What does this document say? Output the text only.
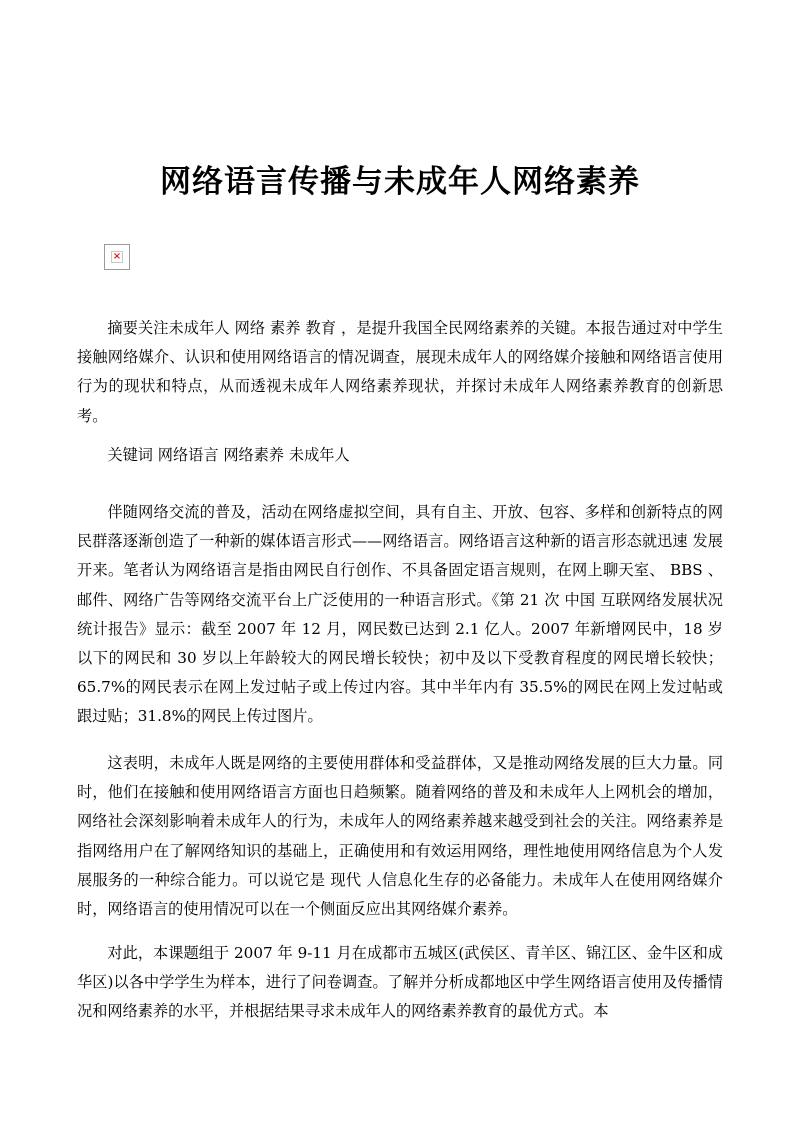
网络语言传播与未成年人网络素养
×

摘要关注未成年人 网络 素养 教育 ，是提升我国全民网络素养的关键。本报告通过对中学生接触网络媒介、认识和使用网络语言的情况调查，展现未成年人的网络媒介接触和网络语言使用行为的现状和特点，从而透视未成年人网络素养现状，并探讨未成年人网络素养教育的创新思考。

关键词 网络语言 网络素养 未成年人

伴随网络交流的普及，活动在网络虚拟空间，具有自主、开放、包容、多样和创新特点的网民群落逐渐创造了一种新的媒体语言形式——网络语言。网络语言这种新的语言形态就迅速 发展 开来。笔者认为网络语言是指由网民自行创作、不具备固定语言规则，在网上聊天室、 BBS 、邮件、网络广告等网络交流平台上广泛使用的一种语言形式。《第 21 次 中国 互联网络发展状况统计报告》显示：截至 2007 年 12 月，网民数已达到 2.1 亿人。2007 年新增网民中，18 岁以下的网民和 30 岁以上年龄较大的网民增长较快；初中及以下受教育程度的网民增长较快；65.7%的网民表示在网上发过帖子或上传过内容。其中半年内有 35.5%的网民在网上发过帖或跟过贴；31.8%的网民上传过图片。

这表明，未成年人既是网络的主要使用群体和受益群体，又是推动网络发展的巨大力量。同时，他们在接触和使用网络语言方面也日趋频繁。随着网络的普及和未成年人上网机会的增加，网络社会深刻影响着未成年人的行为，未成年人的网络素养越来越受到社会的关注。网络素养是指网络用户在了解网络知识的基础上，正确使用和有效运用网络，理性地使用网络信息为个人发展服务的一种综合能力。可以说它是 现代 人信息化生存的必备能力。未成年人在使用网络媒介时，网络语言的使用情况可以在一个侧面反应出其网络媒介素养。

对此，本课题组于 2007 年 9-11 月在成都市五城区(武侯区、青羊区、锦江区、金牛区和成华区)以各中学学生为样本，进行了问卷调查。了解并分析成都地区中学生网络语言使用及传播情况和网络素养的水平，并根据结果寻求未成年人的网络素养教育的最优方式。本
